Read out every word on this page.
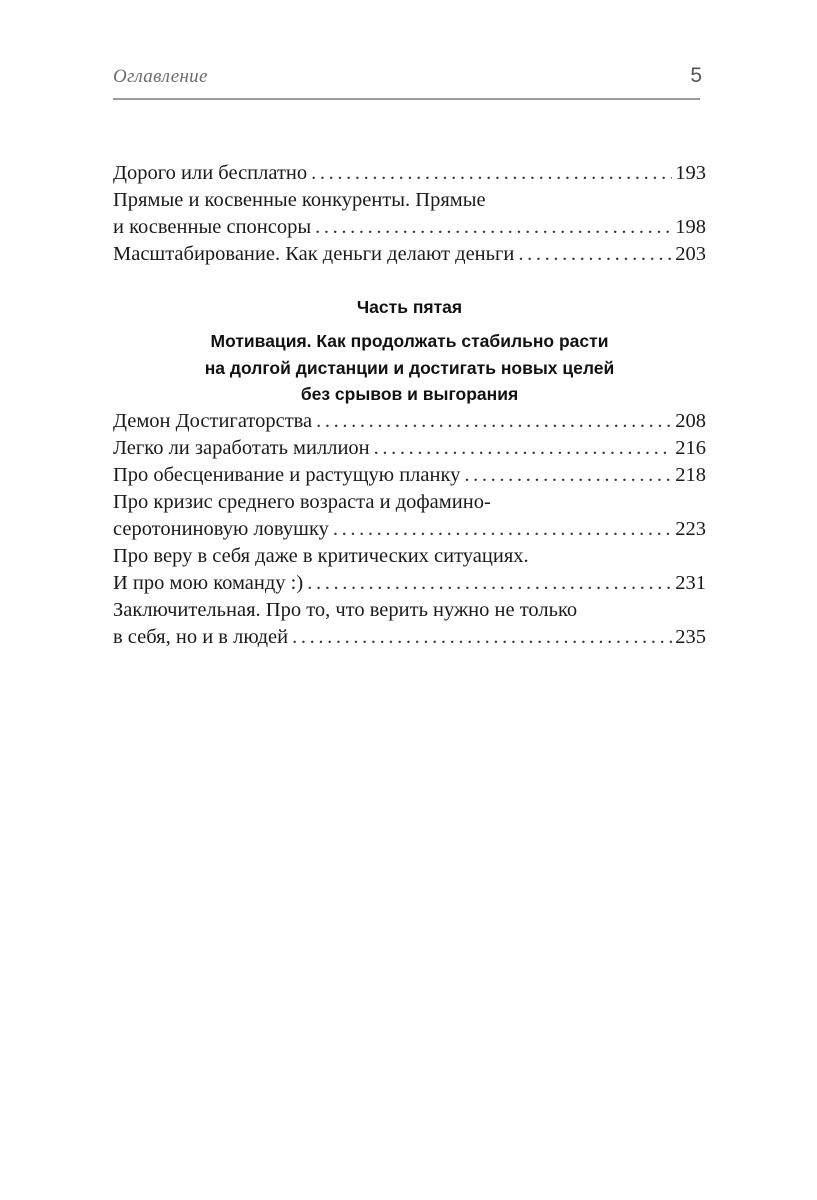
Оглавление	5
Дорого или бесплатно . . .	193
Прямые и косвенные конкуренты. Прямые
и косвенные спонсоры . . .	198
Масштабирование. Как деньги делают деньги . . .	203
Часть пятая
Мотивация. Как продолжать стабильно расти
на долгой дистанции и достигать новых целей
без срывов и выгорания
Демон Достигаторства . . .	208
Легко ли заработать миллион . . .	216
Про обесценивание и растущую планку . . .	218
Про кризис среднего возраста и дофамино-
серотониновую ловушку . . .	223
Про веру в себя даже в критических ситуациях.
И про мою команду :) . . .	231
Заключительная. Про то, что верить нужно не только
в себя, но и в людей . . .	235
